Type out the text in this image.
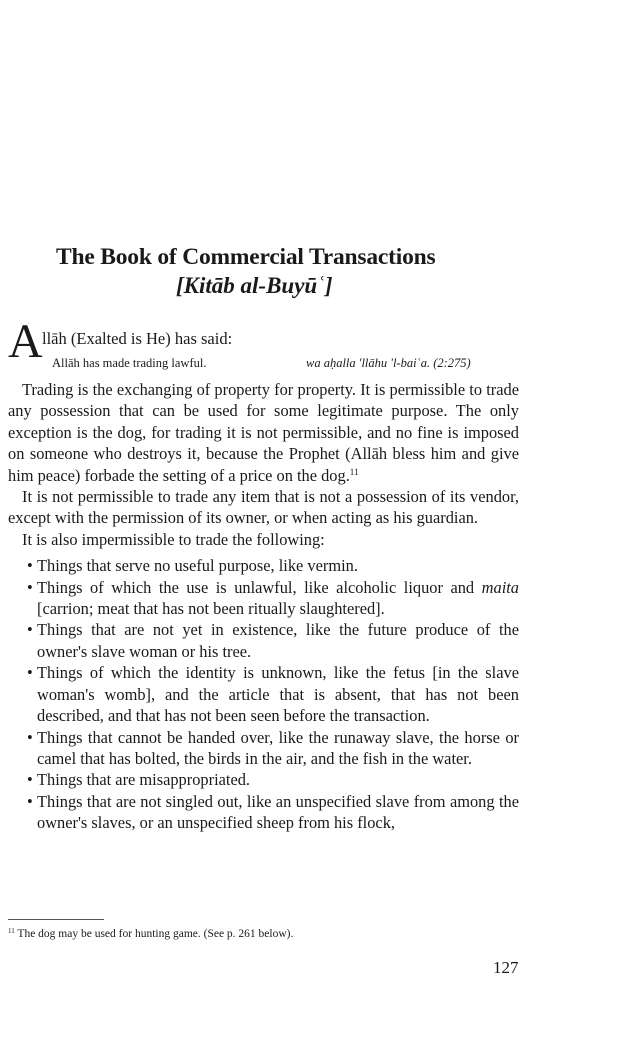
The Book of Commercial Transactions
[Kitāb al-Buyūʿ]
A llāh (Exalted is He) has said:
Allāh has made trading lawful.	wa aḥalla 'llāhu 'l-baiʿa. (2:275)

Trading is the exchanging of property for property. It is permissible to trade any possession that can be used for some legitimate purpose. The only exception is the dog, for trading it is not permissible, and no fine is imposed on someone who destroys it, because the Prophet (Allāh bless him and give him peace) forbade the setting of a price on the dog.$^{11}$

It is not permissible to trade any item that is not a possession of its vendor, except with the permission of its owner, or when acting as his guardian.

It is also impermissible to trade the following:

• Things that serve no useful purpose, like vermin.
• Things of which the use is unlawful, like alcoholic liquor and maita [carrion; meat that has not been ritually slaughtered].
• Things that are not yet in existence, like the future produce of the owner's slave woman or his tree.
• Things of which the identity is unknown, like the fetus [in the slave woman's womb], and the article that is absent, that has not been described, and that has not been seen before the transaction.
• Things that cannot be handed over, like the runaway slave, the horse or camel that has bolted, the birds in the air, and the fish in the water.
• Things that are misappropriated.
• Things that are not singled out, like an unspecified slave from among the owner's slaves, or an unspecified sheep from his flock,
$^{11}$ The dog may be used for hunting game. (See p. 261 below).
127
